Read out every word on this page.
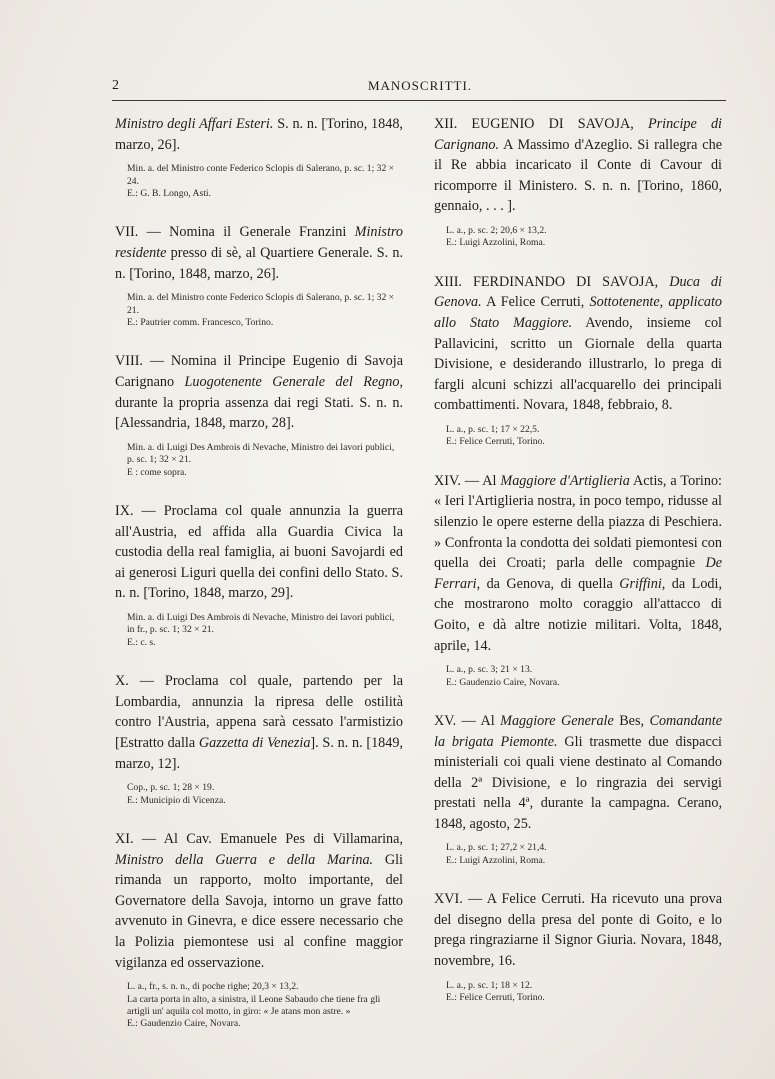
2	MANOSCRITTI.

Ministro degli Affari Esteri. S. n. n. [Torino, 1848, marzo, 26].

Min. a. del Ministro conte Federico Sclopis di Salerano, p. sc. 1; 32 × 24.
E.: G. B. Longo, Asti.

VII. — Nomina il Generale Franzini Ministro residente presso di sè, al Quartiere Generale. S. n. n. [Torino, 1848, marzo, 26].

Min. a. del Ministro conte Federico Sclopis di Salerano, p. sc. 1; 32 × 21.
E.: Pautrier comm. Francesco, Torino.

VIII. — Nomina il Principe Eugenio di Savoja Carignano Luogotenente Generale del Regno, durante la propria assenza dai regi Stati. S. n. n. [Alessandria, 1848, marzo, 28].

Min. a. di Luigi Des Ambrois di Nevache, Ministro dei lavori publici, p. sc. 1; 32 × 21.
E : come sopra.

IX. — Proclama col quale annunzia la guerra all'Austria, ed affida alla Guardia Civica la custodia della real famiglia, ai buoni Savojardi ed ai generosi Liguri quella dei confini dello Stato. S. n. n. [Torino, 1848, marzo, 29].

Min. a. di Luigi Des Ambrois di Nevache, Ministro dei lavori publici, in fr., p. sc. 1; 32 × 21.
E.: c. s.

X. — Proclama col quale, partendo per la Lombardia, annunzia la ripresa delle ostilità contro l'Austria, appena sarà cessato l'armistizio [Estratto dalla Gazzetta di Venezia]. S. n. n. [1849, marzo, 12].

Cop., p. sc. 1; 28 × 19.
E.: Municipio di Vicenza.

XI. — Al Cav. Emanuele Pes di Villamarina, Ministro della Guerra e della Marina. Gli rimanda un rapporto, molto importante, del Governatore della Savoja, intorno un grave fatto avvenuto in Ginevra, e dice essere necessario che la Polizia piemontese usi al confine maggior vigilanza ed osservazione.

L. a., fr., s. n. n., di poche righe; 20,3 × 13,2.
La carta porta in alto, a sinistra, il Leone Sabaudo che tiene fra gli artigli un' aquila col motto, in giro: « Je atans mon astre. »
E.: Gaudenzio Caire, Novara.

XII. EUGENIO DI SAVOJA, Principe di Carignano. A Massimo d'Azeglio. Si rallegra che il Re abbia incaricato il Conte di Cavour di ricomporre il Ministero. S. n. n. [Torino, 1860, gennaio, . . . ].

L. a., p. sc. 2; 20,6 × 13,2.
E.: Luigi Azzolini, Roma.

XIII. FERDINANDO DI SAVOJA, Duca di Genova. A Felice Cerruti, Sottotenente, applicato allo Stato Maggiore. Avendo, insieme col Pallavicini, scritto un Giornale della quarta Divisione, e desiderando illustrarlo, lo prega di fargli alcuni schizzi all'acquarello dei principali combattimenti. Novara, 1848, febbraio, 8.

L. a., p. sc. 1; 17 × 22,5.
E.: Felice Cerruti, Torino.

XIV. — Al Maggiore d'Artiglieria Actis, a Torino: « Ieri l'Artiglieria nostra, in poco tempo, ridusse al silenzio le opere esterne della piazza di Peschiera. » Confronta la condotta dei soldati piemontesi con quella dei Croati; parla delle compagnie De Ferrari, da Genova, di quella Griffini, da Lodi, che mostrarono molto coraggio all'attacco di Goito, e dà altre notizie militari. Volta, 1848, aprile, 14.

L. a., p. sc. 3; 21 × 13.
E.: Gaudenzio Caire, Novara.

XV. — Al Maggiore Generale Bes, Comandante la brigata Piemonte. Gli trasmette due dispacci ministeriali coi quali viene destinato al Comando della 2ª Divisione, e lo ringrazia dei servigi prestati nella 4ª, durante la campagna. Cerano, 1848, agosto, 25.

L. a., p. sc. 1; 27,2 × 21,4.
E.: Luigi Azzolini, Roma.

XVI. — A Felice Cerruti. Ha ricevuto una prova del disegno della presa del ponte di Goito, e lo prega ringraziarne il Signor Giuria. Novara, 1848, novembre, 16.

L. a., p. sc. 1; 18 × 12.
E.: Felice Cerruti, Torino.
